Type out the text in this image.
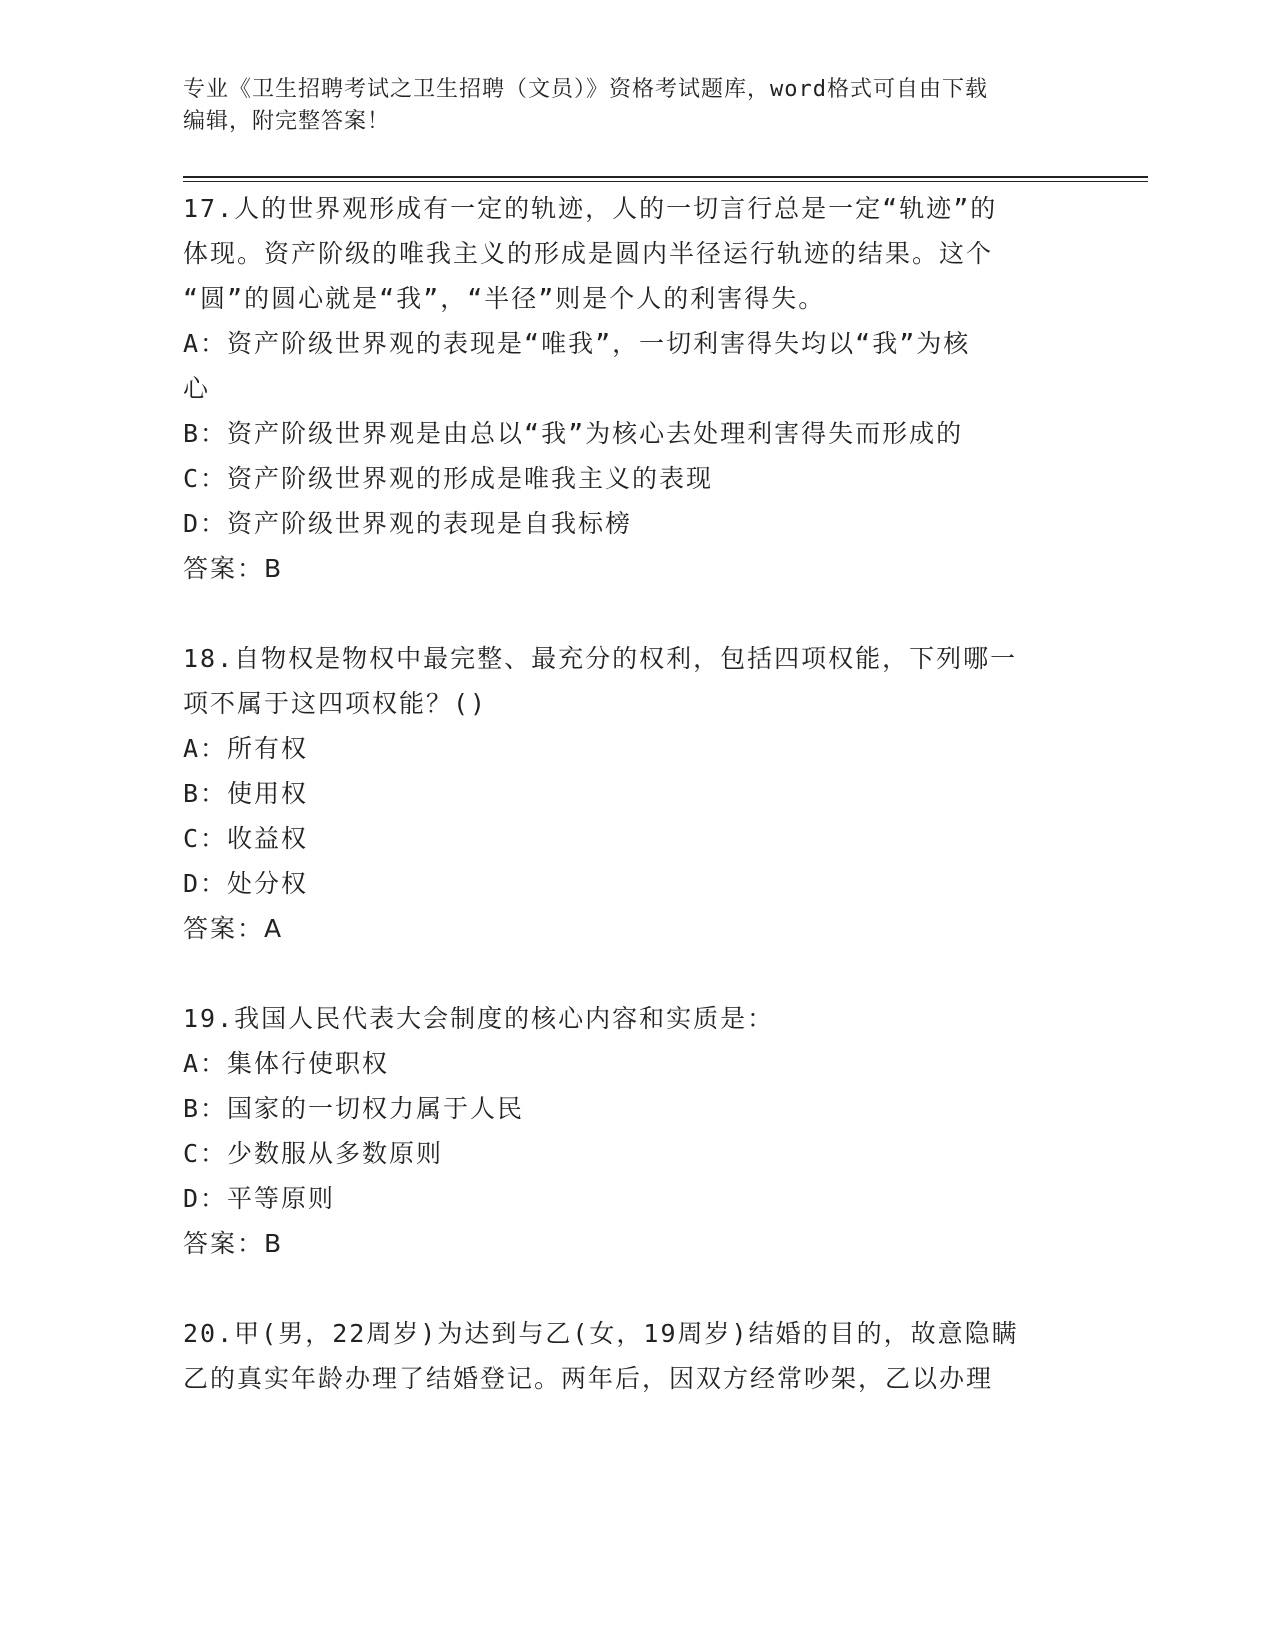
专业《卫生招聘考试之卫生招聘（文员）》资格考试题库，word格式可自由下载
编辑，附完整答案！
17.人的世界观形成有一定的轨迹，人的一切言行总是一定“轨迹”的
体现。资产阶级的唯我主义的形成是圆内半径运行轨迹的结果。这个
“圆”的圆心就是“我”，“半径”则是个人的利害得失。
A：资产阶级世界观的表现是“唯我”，一切利害得失均以“我”为核
心
B：资产阶级世界观是由总以“我”为核心去处理利害得失而形成的
C：资产阶级世界观的形成是唯我主义的表现
D：资产阶级世界观的表现是自我标榜
答案：B
18.自物权是物权中最完整、最充分的权利，包括四项权能，下列哪一
项不属于这四项权能？()
A：所有权
B：使用权
C：收益权
D：处分权
答案：A
19.我国人民代表大会制度的核心内容和实质是：
A：集体行使职权
B：国家的一切权力属于人民
C：少数服从多数原则
D：平等原则
答案：B
20.甲(男，22周岁)为达到与乙(女，19周岁)结婚的目的，故意隐瞒
乙的真实年龄办理了结婚登记。两年后，因双方经常吵架，乙以办理
